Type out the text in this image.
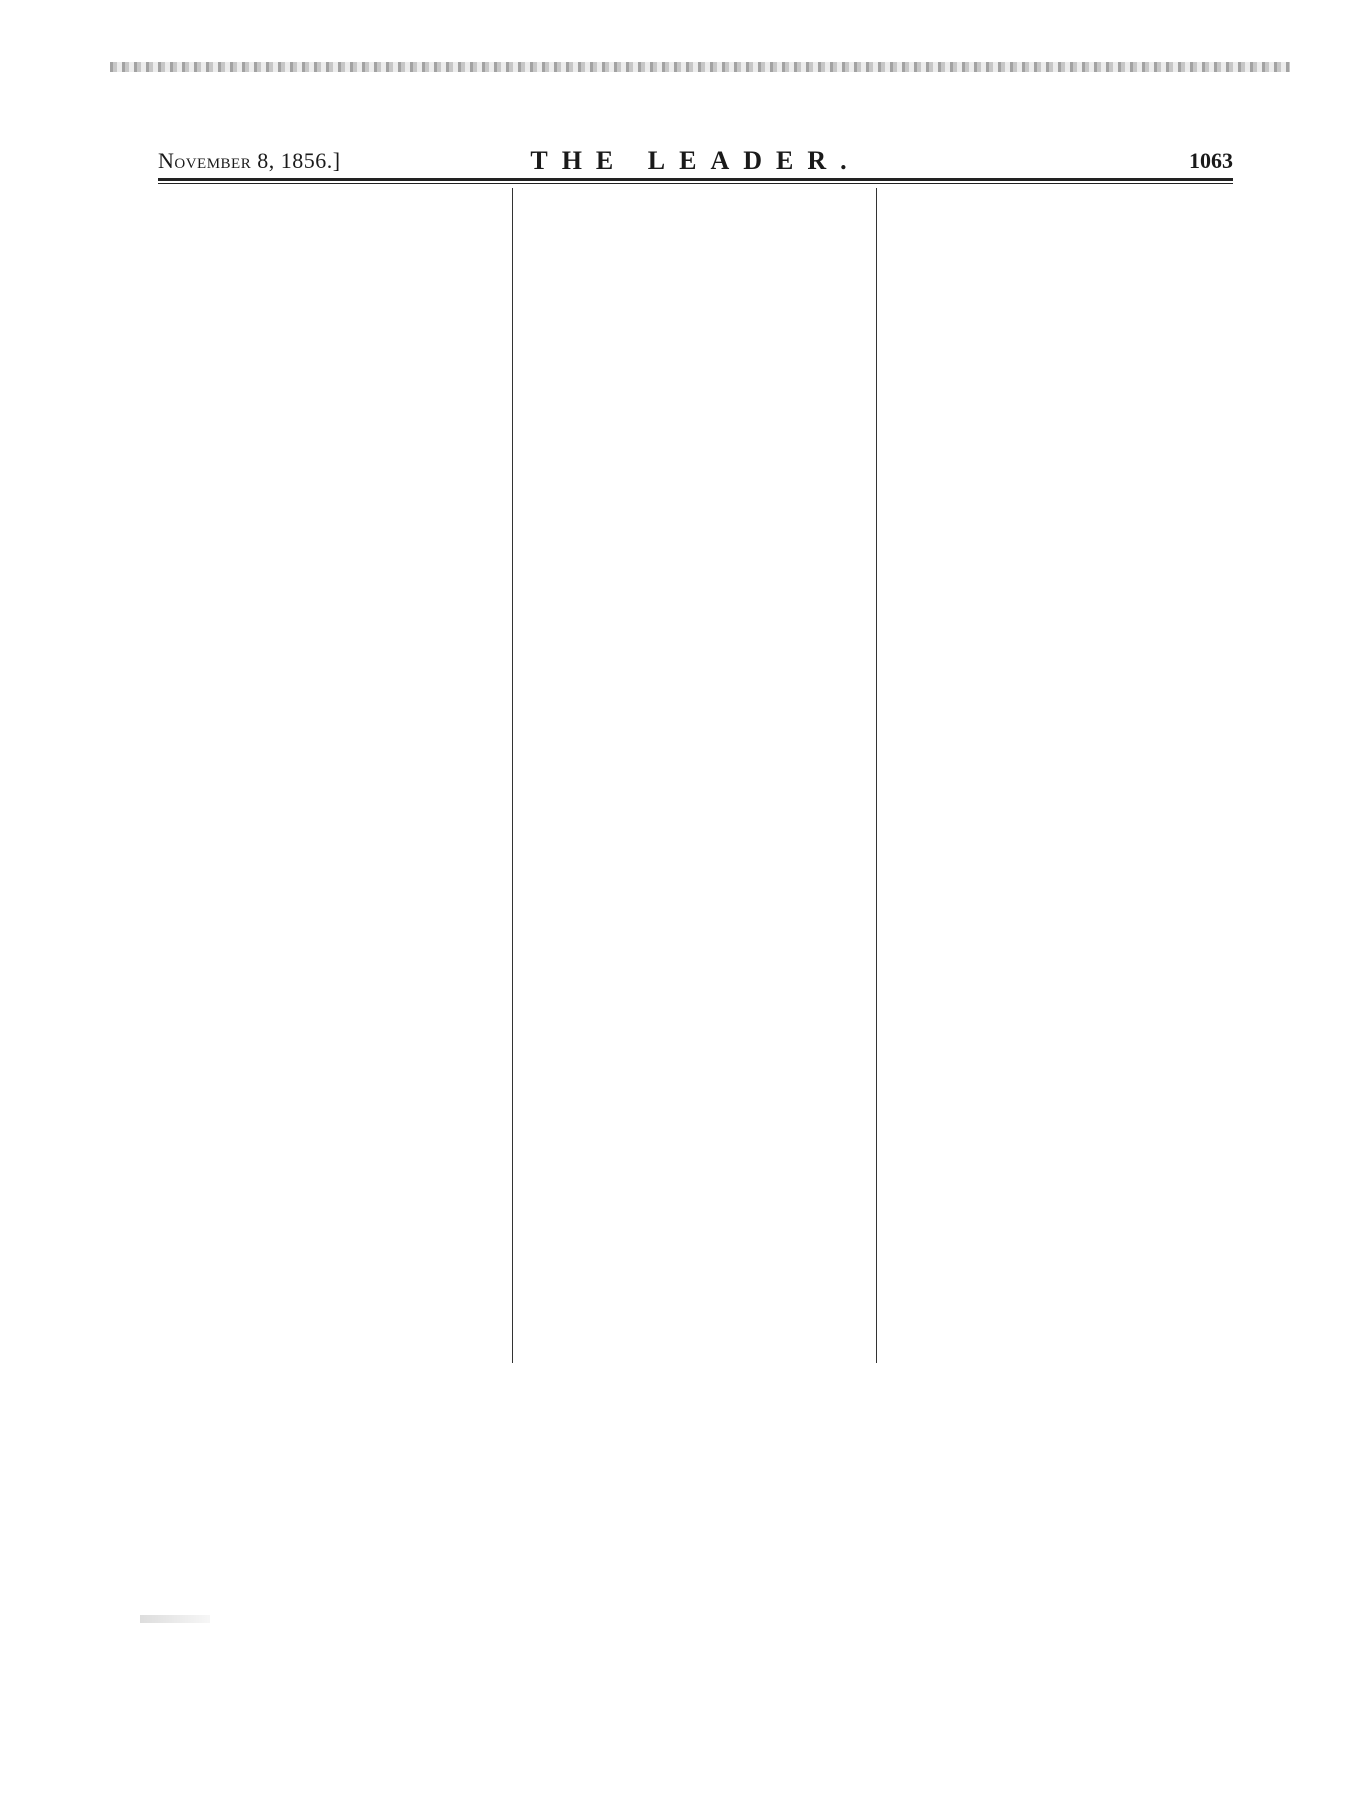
November 8, 1856.]	THE LEADER.	1063
